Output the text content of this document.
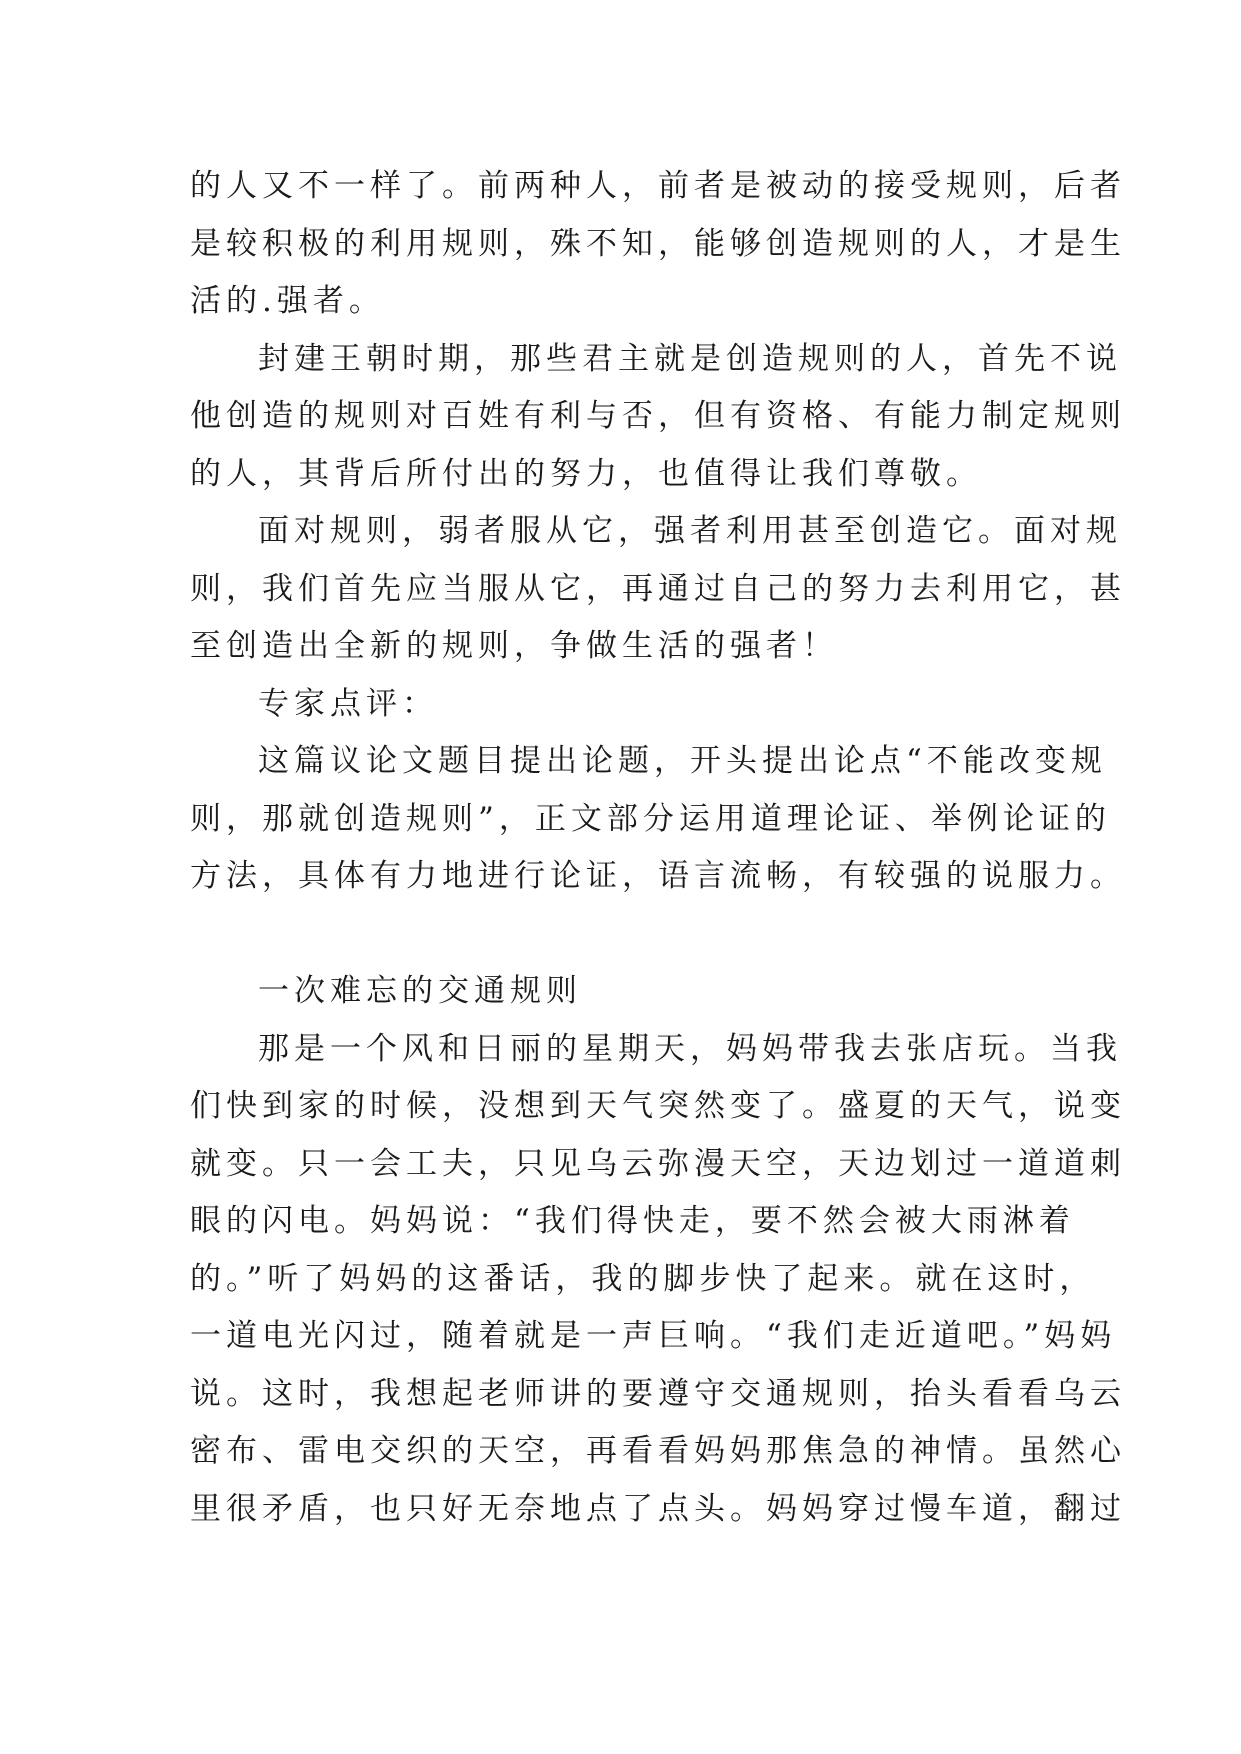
的人又不一样了。前两种人，前者是被动的接受规则，后者
是较积极的利用规则，殊不知，能够创造规则的人，才是生
活的.强者。
封建王朝时期，那些君主就是创造规则的人，首先不说
他创造的规则对百姓有利与否，但有资格、有能力制定规则
的人，其背后所付出的努力，也值得让我们尊敬。
面对规则，弱者服从它，强者利用甚至创造它。面对规
则，我们首先应当服从它，再通过自己的努力去利用它，甚
至创造出全新的规则，争做生活的强者！
专家点评：
这篇议论文题目提出论题，开头提出论点“不能改变规
则，那就创造规则”，正文部分运用道理论证、举例论证的
方法，具体有力地进行论证，语言流畅，有较强的说服力。
一次难忘的交通规则
那是一个风和日丽的星期天，妈妈带我去张店玩。当我
们快到家的时候，没想到天气突然变了。盛夏的天气，说变
就变。只一会工夫，只见乌云弥漫天空，天边划过一道道刺
眼的闪电。妈妈说：“我们得快走，要不然会被大雨淋着
的。”听了妈妈的这番话，我的脚步快了起来。就在这时，
一道电光闪过，随着就是一声巨响。“我们走近道吧。”妈妈
说。这时，我想起老师讲的要遵守交通规则，抬头看看乌云
密布、雷电交织的天空，再看看妈妈那焦急的神情。虽然心
里很矛盾，也只好无奈地点了点头。妈妈穿过慢车道，翻过
